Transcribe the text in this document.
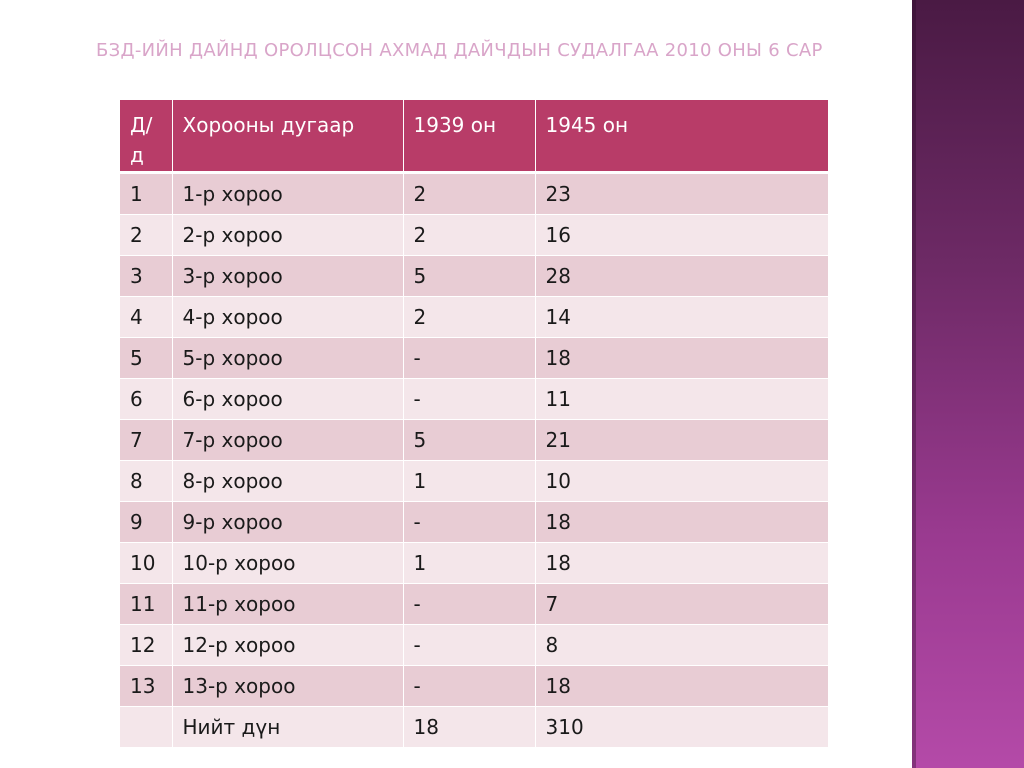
БЗД-ИЙН ДАЙНД ОРОЛЦСОН АХМАД ДАЙЧДЫН СУДАЛГАА 2010 ОНЫ 6 САР
Д/д	Хорооны дугаар	1939 он	1945 он
1	1-р хороо	2	23
2	2-р хороо	2	16
3	3-р хороо	5	28
4	4-р хороо	2	14
5	5-р хороо	-	18
6	6-р хороо	-	11
7	7-р хороо	5	21
8	8-р хороо	1	10
9	9-р хороо	-	18
10	10-р хороо	1	18
11	11-р хороо	-	7
12	12-р хороо	-	8
13	13-р хороо	-	18
	Нийт дүн	18	310
